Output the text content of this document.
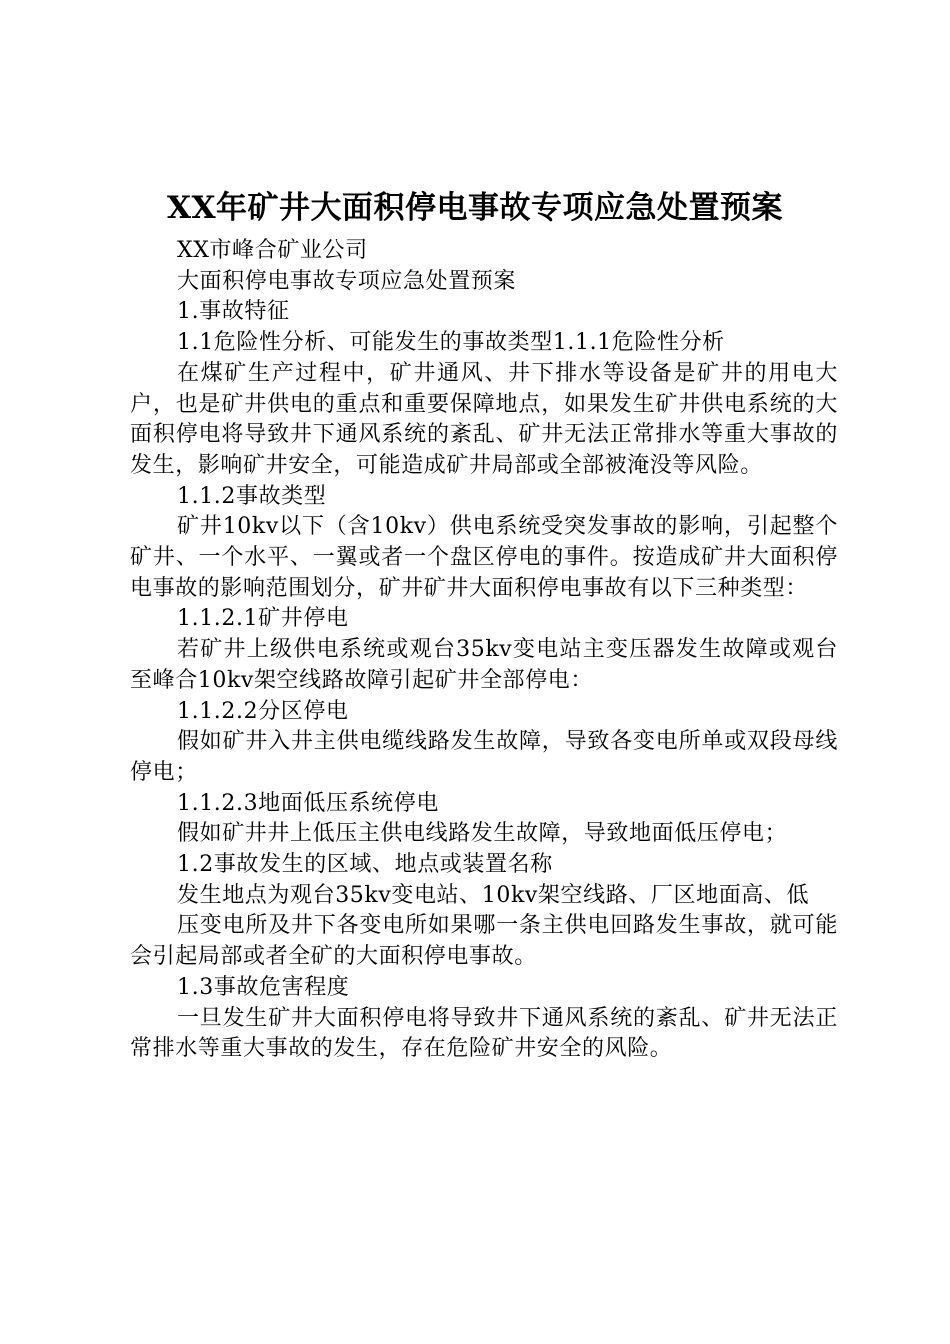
XX年矿井大面积停电事故专项应急处置预案

XX市峰合矿业公司

大面积停电事故专项应急处置预案

1.事故特征

1.1危险性分析、可能发生的事故类型1.1.1危险性分析

在煤矿生产过程中，矿井通风、井下排水等设备是矿井的用电大户，也是矿井供电的重点和重要保障地点，如果发生矿井供电系统的大面积停电将导致井下通风系统的紊乱、矿井无法正常排水等重大事故的发生，影响矿井安全，可能造成矿井局部或全部被淹没等风险。

1.1.2事故类型

矿井10kv以下（含10kv）供电系统受突发事故的影响，引起整个矿井、一个水平、一翼或者一个盘区停电的事件。按造成矿井大面积停电事故的影响范围划分，矿井矿井大面积停电事故有以下三种类型：

1.1.2.1矿井停电

若矿井上级供电系统或观台35kv变电站主变压器发生故障或观台至峰合10kv架空线路故障引起矿井全部停电：

1.1.2.2分区停电

假如矿井入井主供电缆线路发生故障，导致各变电所单或双段母线停电；

1.1.2.3地面低压系统停电

假如矿井井上低压主供电线路发生故障，导致地面低压停电；

1.2事故发生的区域、地点或装置名称

发生地点为观台35kv变电站、10kv架空线路、厂区地面高、低

压变电所及井下各变电所如果哪一条主供电回路发生事故，就可能会引起局部或者全矿的大面积停电事故。

1.3事故危害程度

一旦发生矿井大面积停电将导致井下通风系统的紊乱、矿井无法正常排水等重大事故的发生，存在危险矿井安全的风险。
